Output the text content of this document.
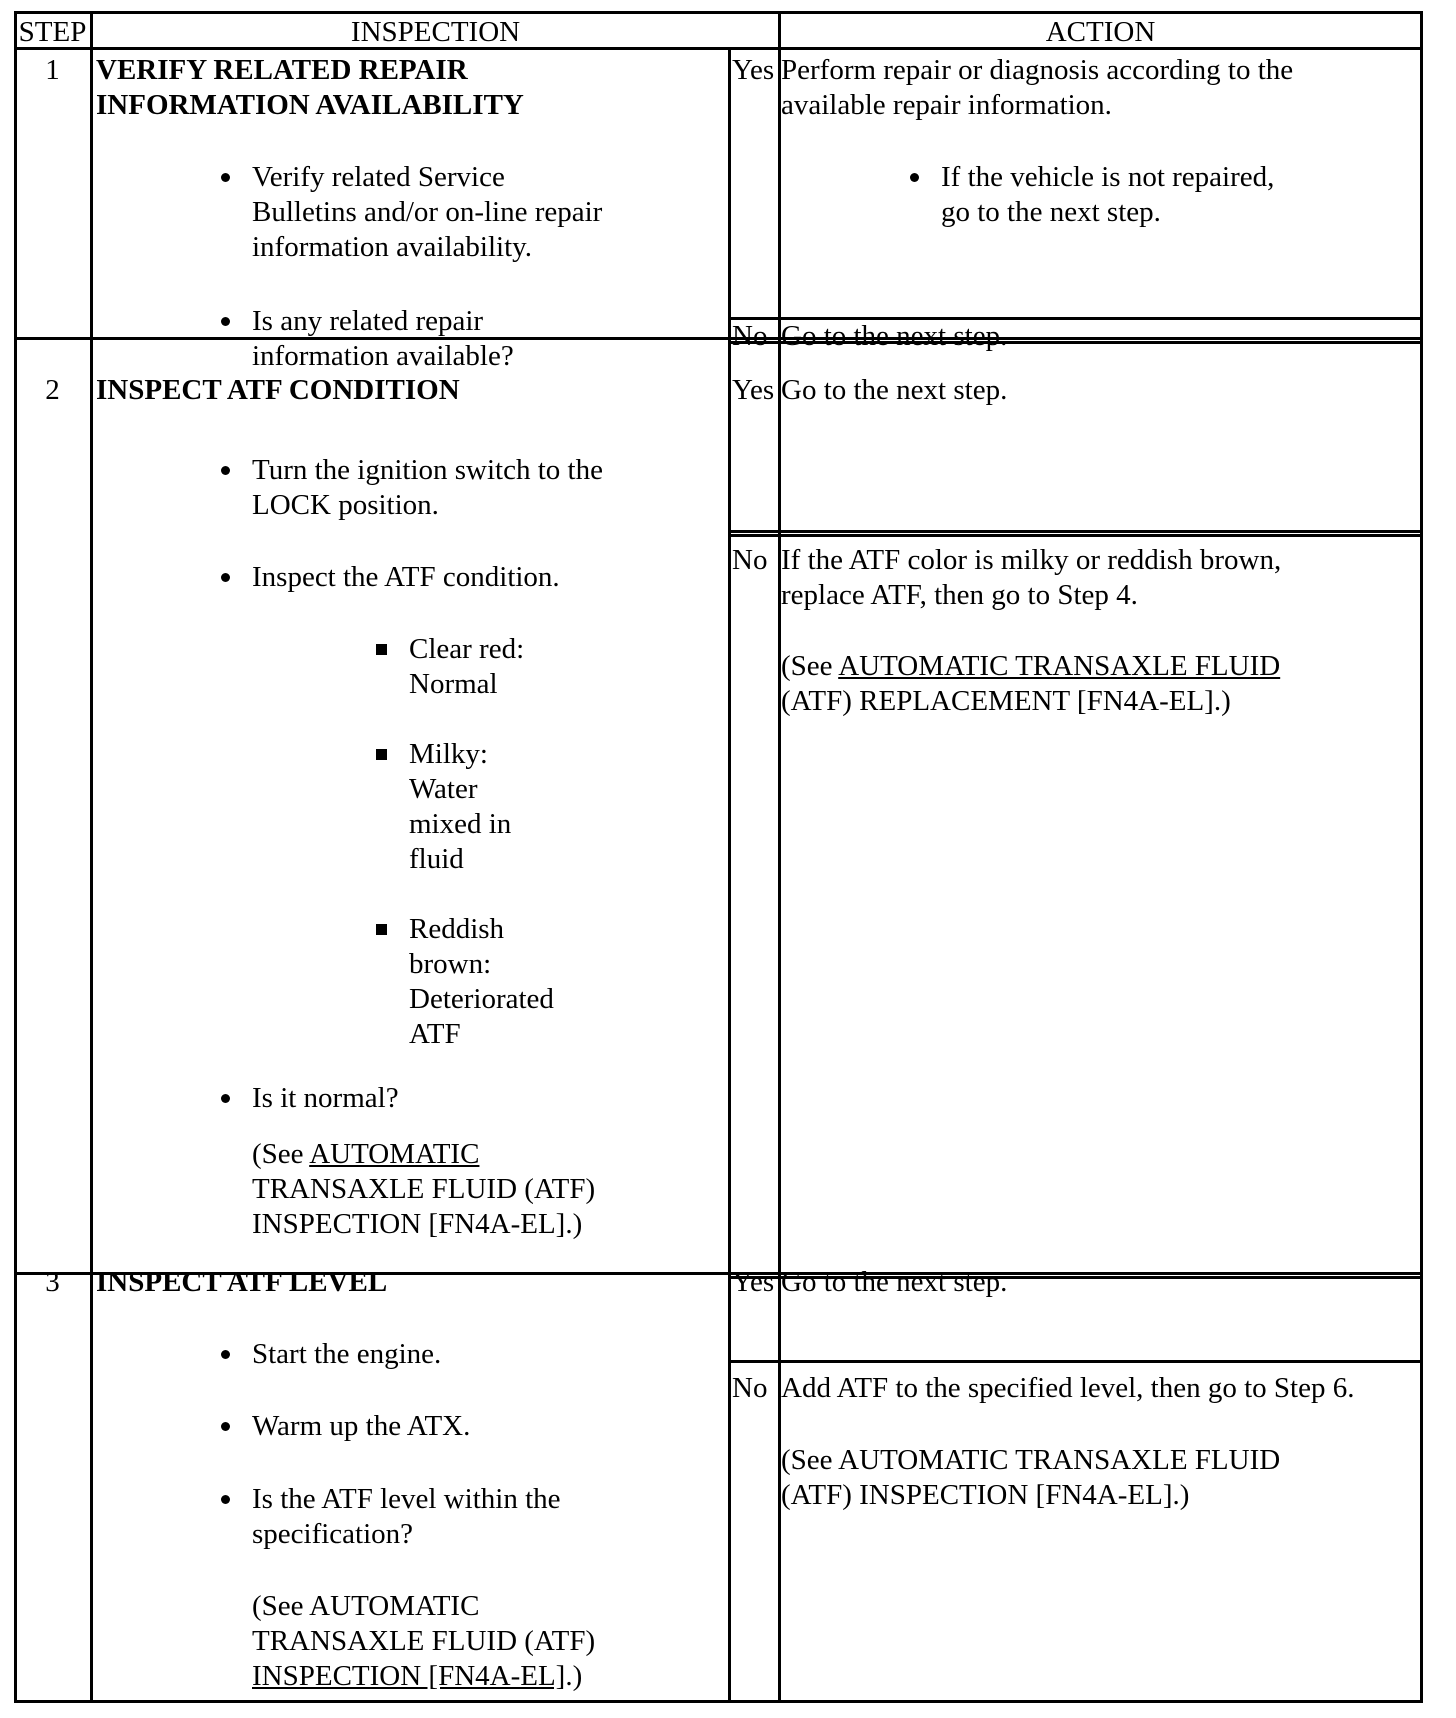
STEP	INSPECTION	ACTION
1	VERIFY RELATED REPAIR
INFORMATION AVAILABILITY
Verify related Service
Bulletins and/or on-line repair
information availability.
Is any related repair
information available?
Yes Perform repair or diagnosis according to the
available repair information.
If the vehicle is not repaired,
go to the next step.
No Go to the next step.
2	INSPECT ATF CONDITION
Turn the ignition switch to the
LOCK position.
Inspect the ATF condition.
Clear red:
Normal
Milky:
Water
mixed in
fluid
Reddish
brown:
Deteriorated
ATF
Is it normal?
(See AUTOMATIC
TRANSAXLE FLUID (ATF)
INSPECTION [FN4A-EL].)
Yes Go to the next step.
No If the ATF color is milky or reddish brown,
replace ATF, then go to Step 4.
(See AUTOMATIC TRANSAXLE FLUID
(ATF) REPLACEMENT [FN4A-EL].)
3	INSPECT ATF LEVEL
Start the engine.
Warm up the ATX.
Is the ATF level within the
specification?
(See AUTOMATIC
TRANSAXLE FLUID (ATF)
INSPECTION [FN4A-EL].)
Yes Go to the next step.
No Add ATF to the specified level, then go to Step 6.
(See AUTOMATIC TRANSAXLE FLUID
(ATF) INSPECTION [FN4A-EL].)
